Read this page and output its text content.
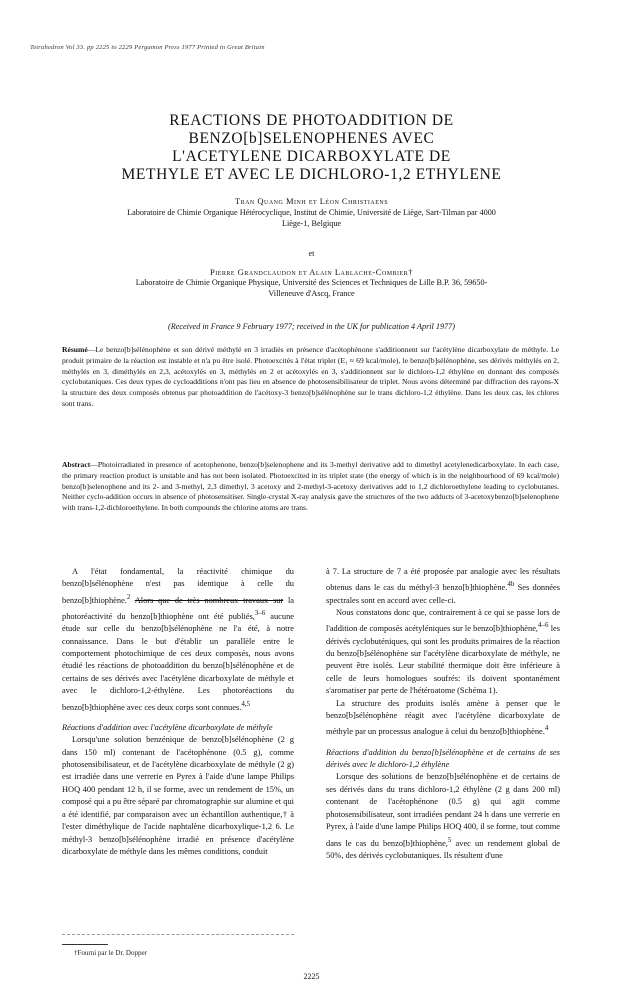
Tetrahedron Vol 33. pp 2225 to 2229 Pergamon Press 1977 Printed in Great Britain
REACTIONS DE PHOTOADDITION DE
BENZO[b]SELENOPHENES AVEC
L'ACETYLENE DICARBOXYLATE DE
METHYLE ET AVEC LE DICHLORO-1,2 ETHYLENE
Tran Quang Minh et Léon Christiaens
Laboratoire de Chimie Organique Hétérocyclique, Institut de Chimie, Université de Liège, Sart-Tilman par 4000
Liège-1, Belgique
et
Pierre Grandclaudon et Alain Lablache-Combier†
Laboratoire de Chimie Organique Physique, Université des Sciences et Techniques de Lille B.P. 36, 59650-
Villeneuve d'Ascq, France
(Received in France 9 February 1977; received in the UK for publication 4 April 1977)
Résumé—Le benzo[b]sélénophène et son dérivé méthylé en 3 irradiés en présence d'acétophénone s'additionnent sur l'acétylène dicarboxylate de méthyle. Le produit primaire de la réaction est instable et n'a pu être isolé. Photoexcités à l'état triplet (E₁ ≈ 69 kcal/mole), le benzo[b]sélénophène, ses dérivés méthylés en 2, méthylés en 3, diméthylés en 2,3, acétoxylés en 3, méthylés en 2 et acétoxylés en 3, s'additionnent sur le dichloro-1,2 éthylène en donnant des composés cyclobutaniques. Ces deux types de cycloadditions n'ont pas lieu en absence de photosensibilisateur de triplet. Nous avons déterminé par diffraction des rayons-X la structure des deux composés obtenus par photoaddition de l'acétoxy-3 benzo[b]sélénophène sur le trans dichloro-1,2 éthylène. Dans les deux cas, les chlores sont trans.
Abstract—Photoirradiated in presence of acetophenone, benzo[b]selenophene and its 3-methyl derivative add to dimethyl acetylenedicarboxylate. In each case, the primary reaction product is unstable and has not been isolated. Photoexcited in its triplet state (the energy of which is in the neighbourhood of 69 kcal/mole) benzo[b]selenophene and its 2- and 3-methyl, 2,3 dimethyl, 3 acetoxy and 2-methyl-3-acetoxy derivatives add to 1,2 dichloroethylene leading to cyclobutanes. Neither cyclo-addition occurs in absence of photosensitiser. Single-crystal X-ray analysis gave the structures of the two adducts of 3-acetoxybenzo[b]selenophene with trans-1,2-dichloroethylene. In both compounds the chlorine atoms are trans.

A l'état fondamental, la réactivité chimique du benzo[b]sélénophène n'est pas identique à celle du benzo[b]thiophène.$^2$ Alors que de très nombreux travaux sur la photoréactivité du benzo[b]thiophène ont été publiés,$^{3-6}$ aucune étude sur celle du benzo[b]sélénophène ne l'a été, à notre connaissance. Dans le but d'établir un parallèle entre le comportement photochimique de ces deux composés, nous avons étudié les réactions de photoaddition du benzo[b]sélénophène et de certains de ses dérivés avec l'acétylène dicarboxylate de méthyle et avec le dichloro-1,2-éthylène. Les photoréactions du benzo[b]thiophène avec ces deux corps sont connues.$^{4,5}$

Réactions d'addition avec l'acétylène dicarboxylate de méthyle

Lorsqu'une solution benzénique de benzo[b]sélénophène (2 g dans 150 ml) contenant de l'acétophénone (0.5 g), comme photosensibilisateur, et de l'acétylène dicarboxylate de méthyle (2 g) est irradiée dans une verrerie en Pyrex à l'aide d'une lampe Philips HOQ 400 pendant 12 h, il se forme, avec un rendement de 15%, un composé qui a pu être séparé par chromatographie sur alumine et qui a été identifié, par comparaison avec un échantillon authentique,† à l'ester diméthylique de l'acide naphtalène dicarboxylique-1,2 6. Le méthyl-3 benzo[b]sélénophène irradié en présence d'acétylène dicarboxylate de méthyle dans les mêmes conditions, conduit

à 7. La structure de 7 a été proposée par analogie avec les résultats obtenus dans le cas du méthyl-3 benzo[b]thiophène.$^{4b}$ Ses données spectrales sont en accord avec celle-ci.

Nous constatons donc que, contrairement à ce qui se passe lors de l'addition de composés acétyléniques sur le benzo[b]thiophène,$^{4-6}$ les dérivés cyclobuténiques, qui sont les produits primaires de la réaction du benzo[b]sélénophène sur l'acétylène dicarboxylate de méthyle, ne peuvent être isolés. Leur stabilité thermique doit être inférieure à celle de leurs homologues soufrés: ils doivent spontanément s'aromatiser par perte de l'hétéroatome (Schéma 1).

La structure des produits isolés amène à penser que le benzo[b]sélénophène réagit avec l'acétylène dicarboxylate de méthyle par un processus analogue à celui du benzo[b]thiophène.$^4$

Réactions d'addition du benzo[b]sélénophène et de certains de ses dérivés avec le dichloro-1,2 éthylène

Lorsque des solutions de benzo[b]sélénophène et de certains de ses dérivés dans du trans dichloro-1,2 éthylène (2 g dans 200 ml) contenant de l'acétophénone (0.5 g) qui agit comme photosensibilisateur, sont irradiées pendant 24 h dans une verrerie en Pyrex, à l'aide d'une lampe Philips HOQ 400, il se forme, tout comme dans le cas du benzo[b]thiophène,$^5$ avec un rendement global de 50%, des dérivés cyclobutaniques. Ils résultent d'une

†Fourni par le Dr. Dopper
2225
